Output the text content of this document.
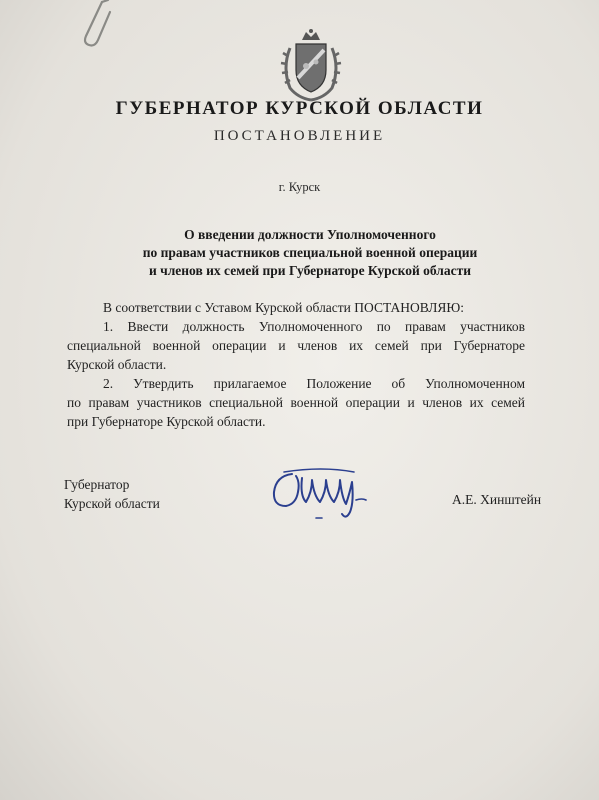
ГУБЕРНАТОР КУРСКОЙ ОБЛАСТИ
ПОСТАНОВЛЕНИЕ
г. Курск
О введении должности Уполномоченного
по правам участников специальной военной операции
и членов их семей при Губернаторе Курской области
В соответствии с Уставом Курской области ПОСТАНОВЛЯЮ:
1. Ввести должность Уполномоченного по правам участников
специальной военной операции и членов их семей при Губернаторе
Курской области.
2. Утвердить прилагаемое Положение об Уполномоченном
по правам участников специальной военной операции и членов их семей
при Губернаторе Курской области.
Губернатор
Курской области	А.Е. Хинштейн
